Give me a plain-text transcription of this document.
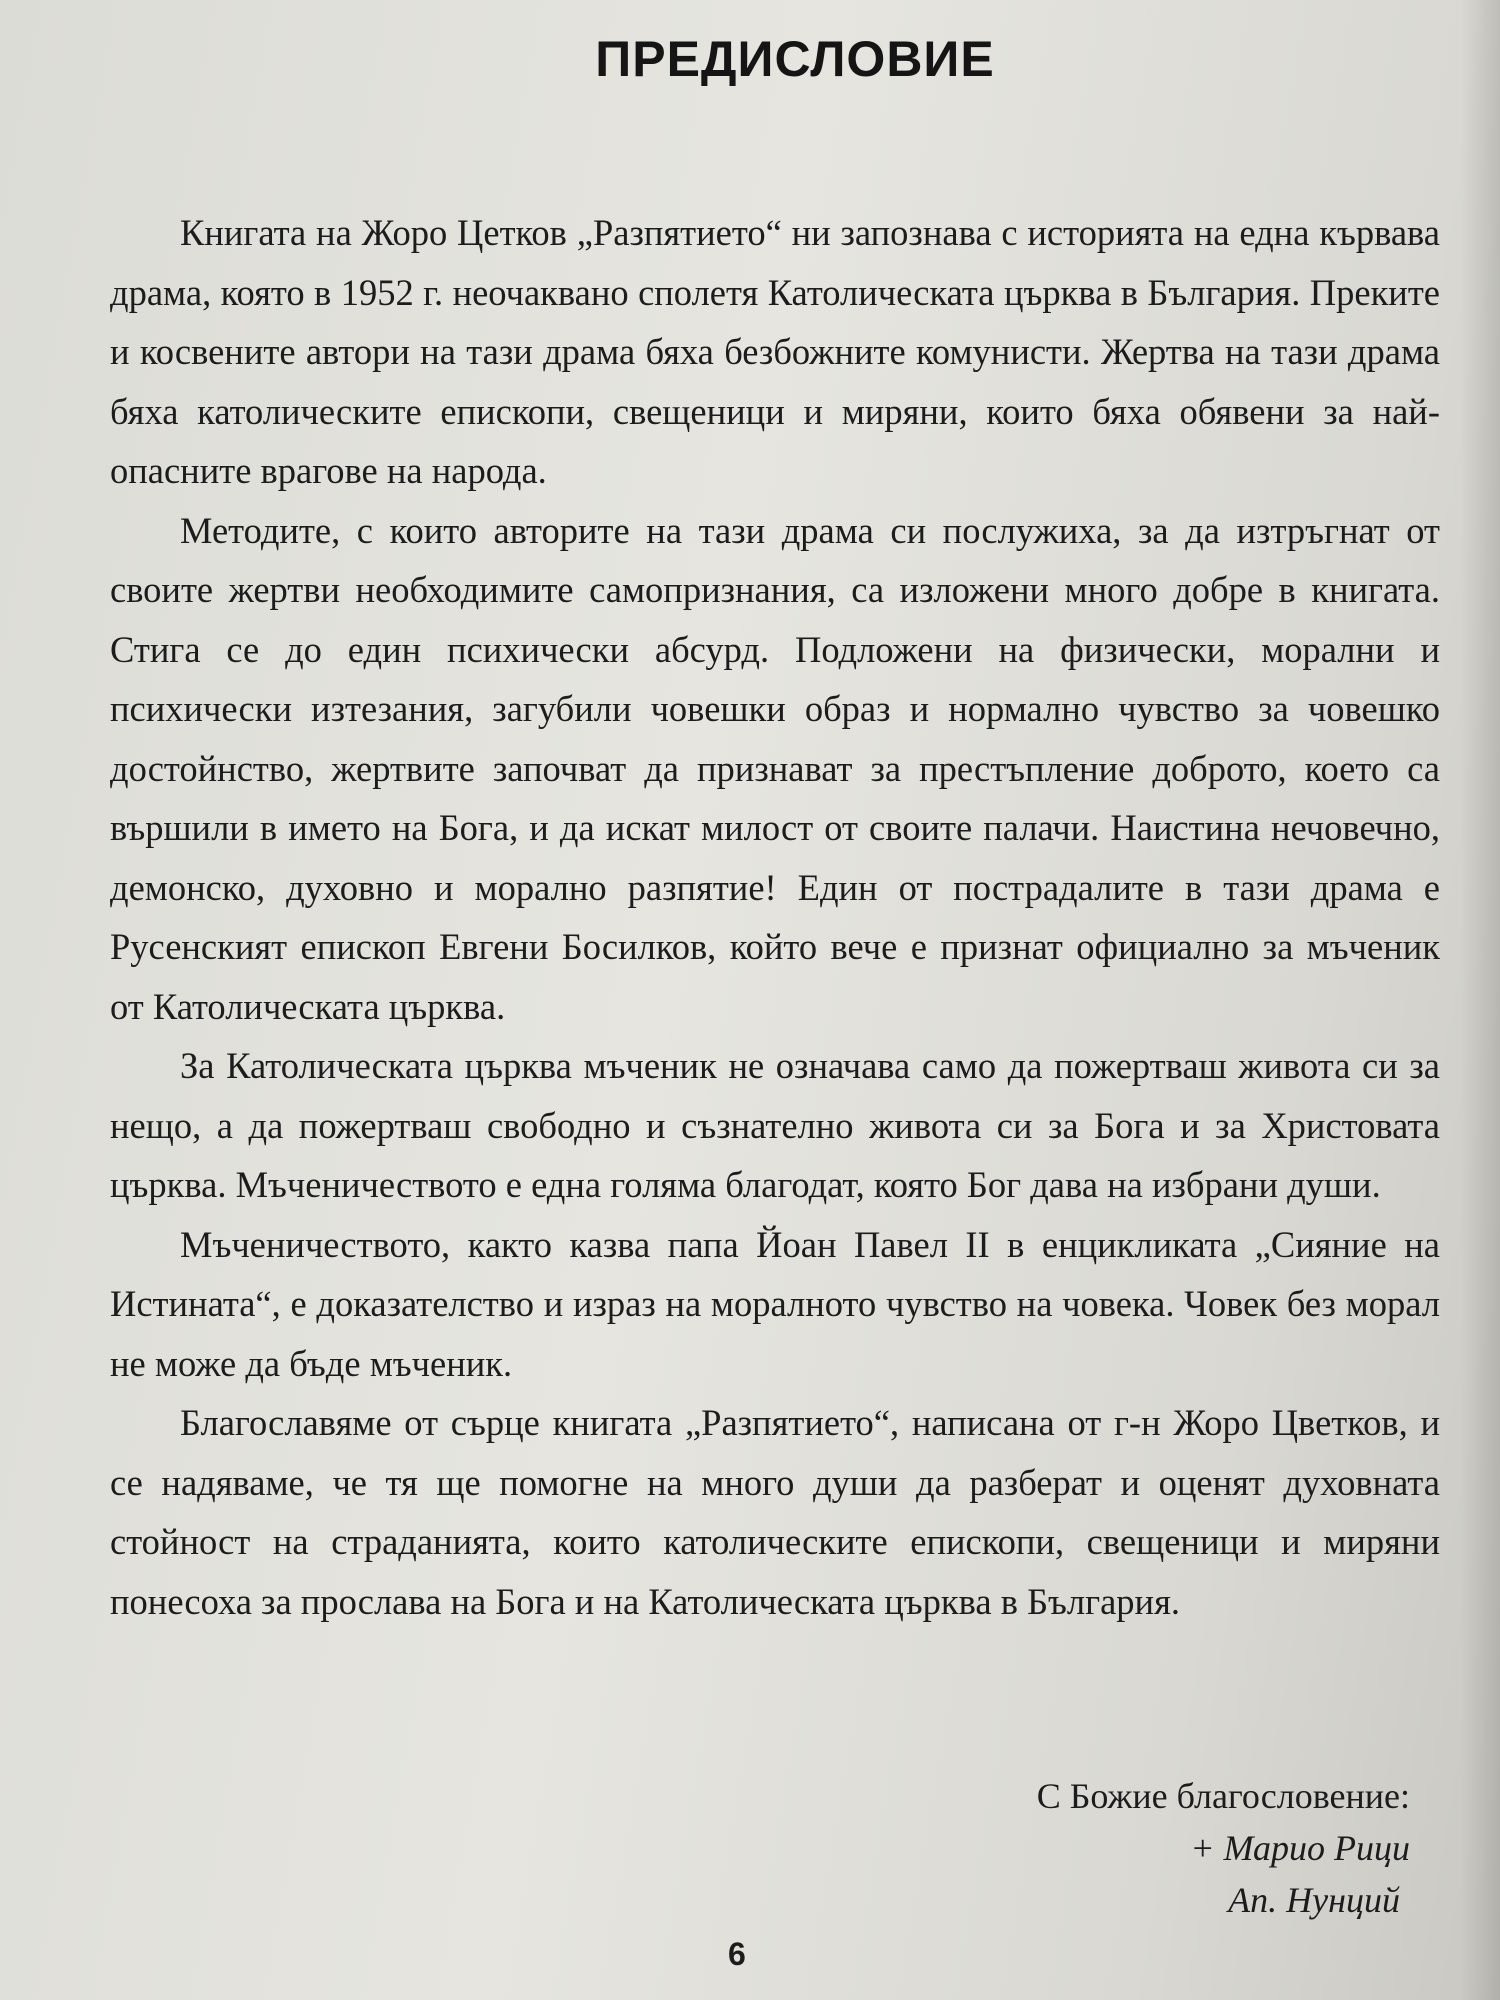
ПРЕДИСЛОВИЕ

Книгата на Жоро Цетков „Разпятието“ ни запознава с историята на една кървава драма, която в 1952 г. неочаквано сполетя Католическата църква в България. Преките и косвените автори на тази драма бяха безбожните комунисти. Жертва на тази драма бяха католическите епископи, свещеници и миряни, които бяха обявени за най-опасните врагове на народа.

Методите, с които авторите на тази драма си послужиха, за да изтръгнат от своите жертви необходимите самопризнания, са изложени много добре в книгата. Стига се до един психически абсурд. Подложени на физически, морални и психически изтезания, загубили човешки образ и нормално чувство за човешко достойнство, жертвите започват да признават за престъпление доброто, което са вършили в името на Бога, и да искат милост от своите палачи. Наистина нечовечно, демонско, духовно и морално разпятие! Един от пострадалите в тази драма е Русенският епископ Евгени Босилков, който вече е признат официално за мъченик от Католическата църква.

За Католическата църква мъченик не означава само да пожертваш живота си за нещо, а да пожертваш свободно и съзнателно живота си за Бога и за Христовата църква. Мъченичеството е една голяма благодат, която Бог дава на избрани души.

Мъченичеството, както казва папа Йоан Павел II в енцикликата „Сияние на Истината“, е доказателство и израз на моралното чувство на човека. Човек без морал не може да бъде мъченик.

Благославяме от сърце книгата „Разпятието“, написана от г-н Жоро Цветков, и се надяваме, че тя ще помогне на много души да разберат и оценят духовната стойност на страданията, които католическите епископи, свещеници и миряни понесоха за прослава на Бога и на Католическата църква в България.

С Божие благословение:
+ Марио Рици
Ап. Нунций
6
